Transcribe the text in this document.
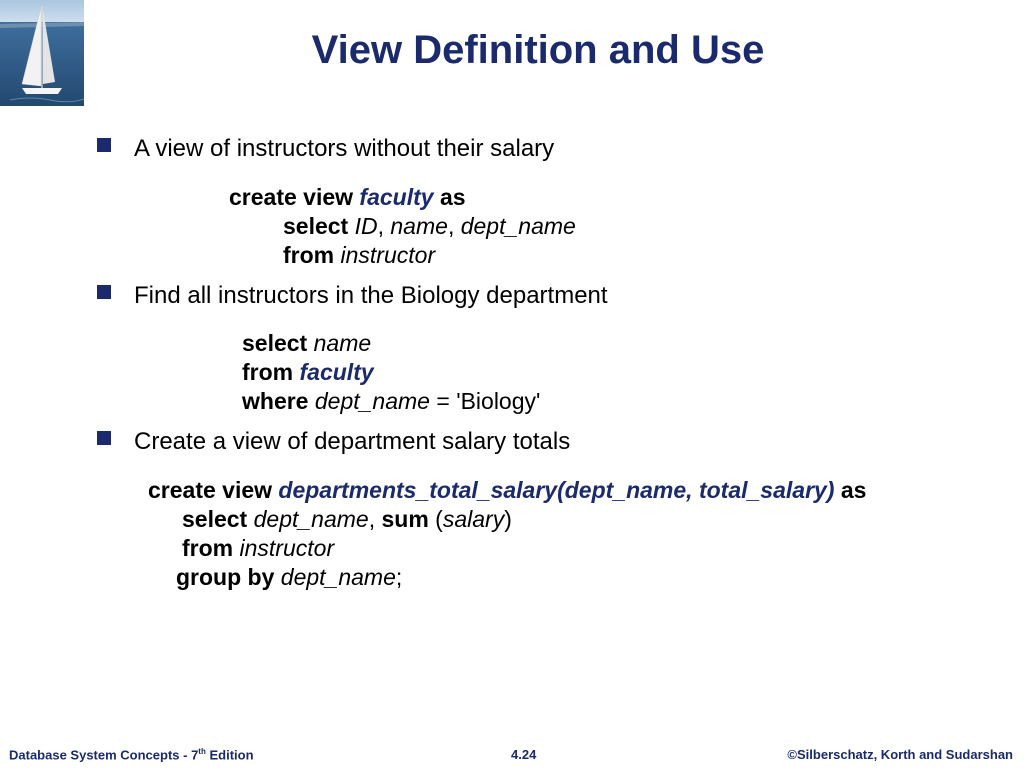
View Definition and Use
A view of instructors without their salary
create view faculty as
select ID, name, dept_name
from instructor
Find all instructors in the Biology department
select name
from faculty
where dept_name = 'Biology'
Create a view of department salary totals
create view departments_total_salary(dept_name, total_salary) as
select dept_name, sum (salary)
from instructor
group by dept_name;
Database System Concepts - 7th Edition	4.24	©Silberschatz, Korth and Sudarshan
